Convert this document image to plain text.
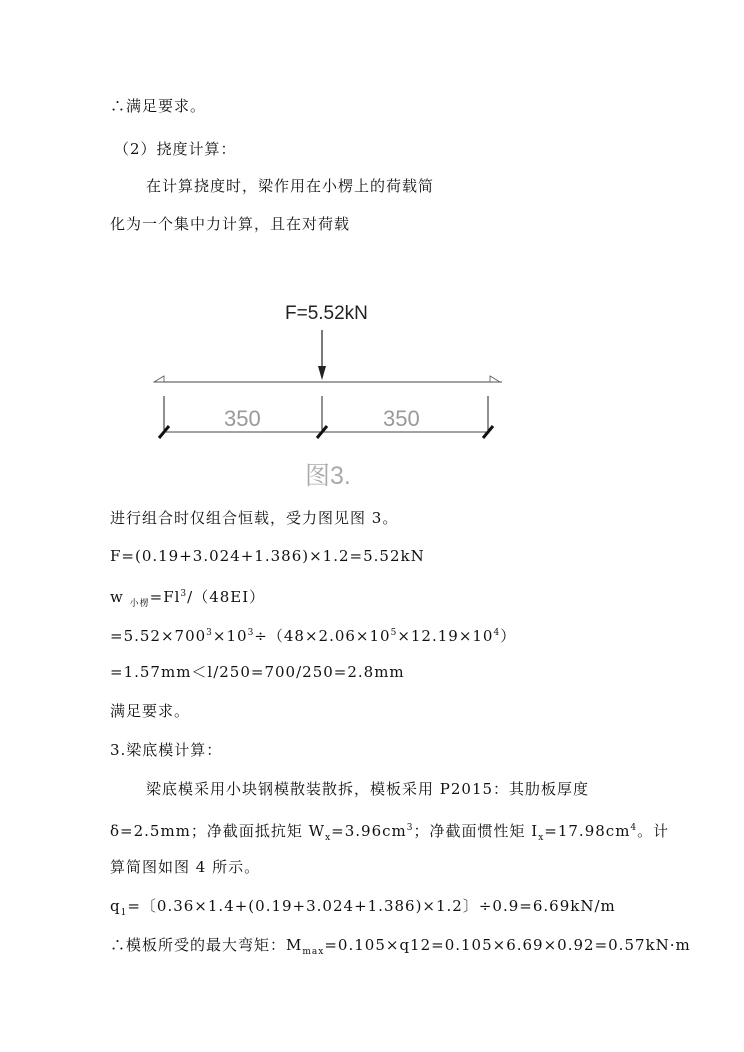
∴满足要求。
（2）挠度计算：
在计算挠度时，梁作用在小楞上的荷载简
化为一个集中力计算，且在对荷载
F=5.52kN
350	350
图3.
进行组合时仅组合恒载，受力图见图 3。
F=(0.19+3.024+1.386)×1.2=5.52kN
w $_{小楞}=Fl^3/(48EI)$
$=5.52\times 700^3\times 10^3\div(48\times 2.06\times 10^5\times 12.19\times 10^4)$
=1.57mm＜l/250=700/250=2.8mm
满足要求。
3.梁底模计算：
梁底模采用小块钢模散装散拆，模板采用 P2015：其肋板厚度
δ=2.5mm；净截面抵抗矩 $W_x=3.96cm^3$；净截面惯性矩 $I_x=17.98cm^4$。计
算简图如图 4 所示。
$q_1=$〔0.36×1.4+(0.19+3.024+1.386)×1.2〕÷0.9=6.69kN/m
∴模板所受的最大弯矩：$M_{max}=0.105\times q12=0.105\times 6.69\times 0.92=0.57kN\cdot m$
